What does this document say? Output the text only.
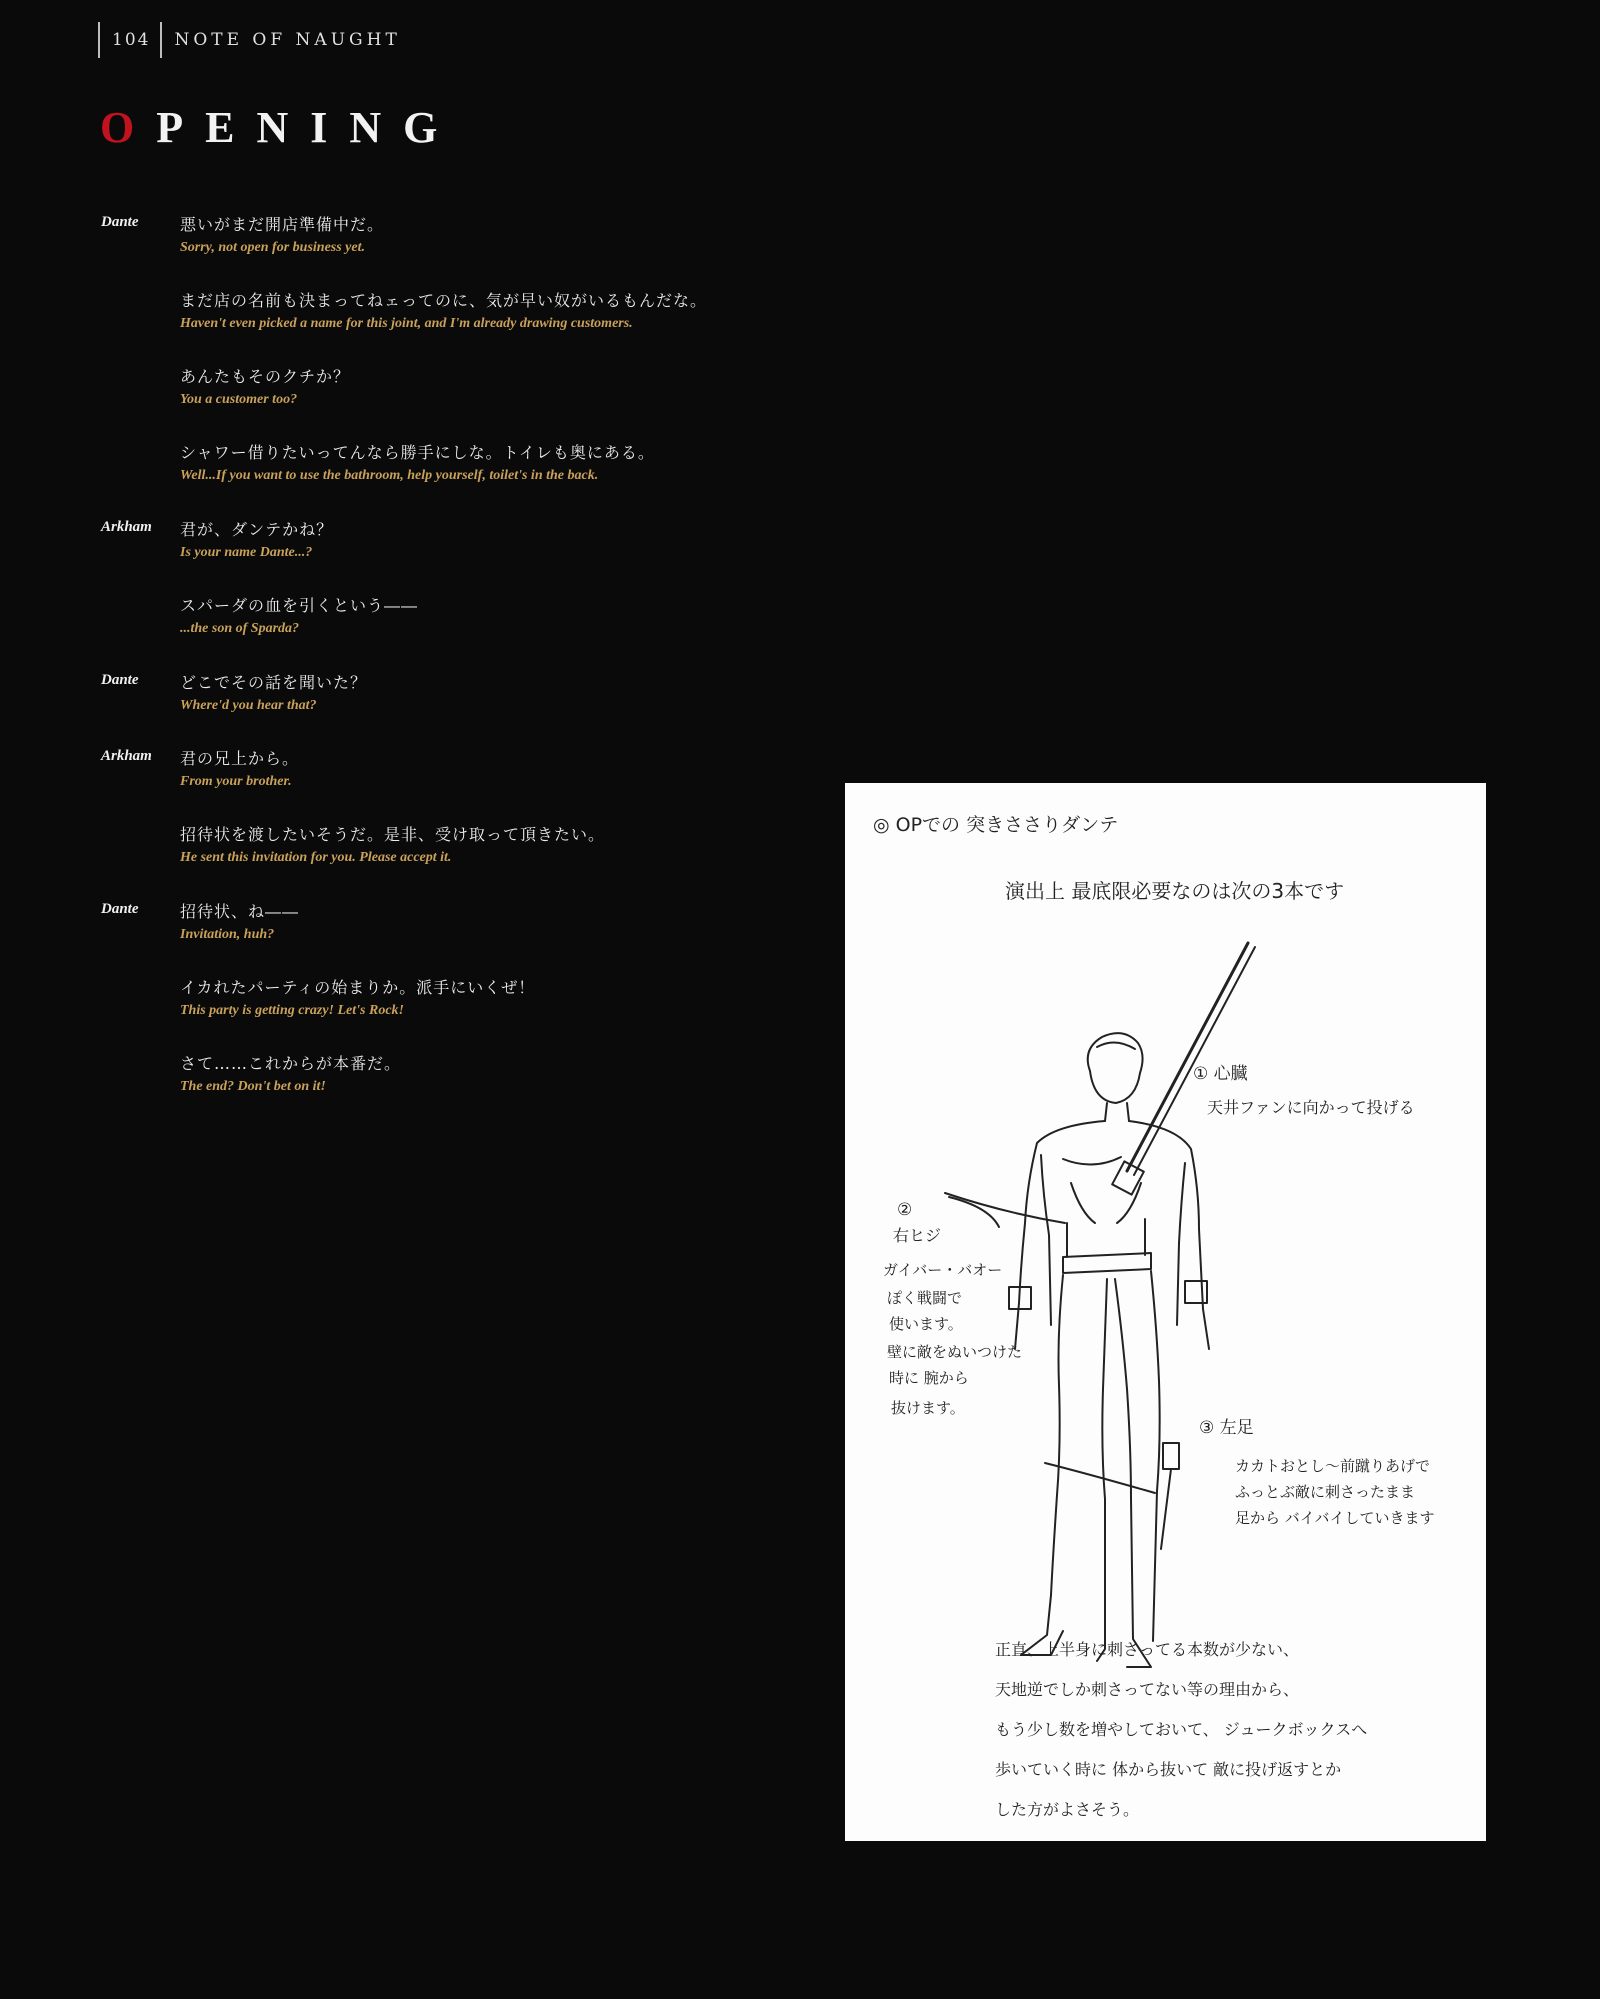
104	NOTE OF NAUGHT
OPENING
Dante	悪いがまだ開店準備中だ。
Sorry, not open for business yet.
まだ店の名前も決まってねェってのに、気が早い奴がいるもんだな。
Haven't even picked a name for this joint, and I'm already drawing customers.
あんたもそのクチか？
You a customer too?
シャワー借りたいってんなら勝手にしな。トイレも奥にある。
Well...If you want to use the bathroom, help yourself, toilet's in the back.
Arkham	君が、ダンテかね？
Is your name Dante...?
スパーダの血を引くという――
...the son of Sparda?
Dante	どこでその話を聞いた？
Where'd you hear that?
Arkham	君の兄上から。
From your brother.
招待状を渡したいそうだ。是非、受け取って頂きたい。
He sent this invitation for you. Please accept it.
Dante	招待状、ね――
Invitation, huh?
イカれたパーティの始まりか。派手にいくぜ！
This party is getting crazy! Let's Rock!
さて……これからが本番だ。
The end? Don't bet on it!
◎ OPでの 突きささりダンテ
演出上 最底限必要なのは次の3本です
① 心臓
天井ファンに向かって投げる
②
右ヒジ
ガイバー・バオー
ぽく戦闘で
使います。
壁に敵をぬいつけた
時に 腕から
抜けます。
③ 左足
カカトおとし～前蹴りあげで
ふっとぶ敵に刺さったまま
足から バイバイしていきます
正直、上半身に刺さってる本数が少ない、
天地逆でしか刺さってない等の理由から、
もう少し数を増やしておいて、 ジュークボックスへ
歩いていく時に 体から抜いて 敵に投げ返すとか
した方がよさそう。
